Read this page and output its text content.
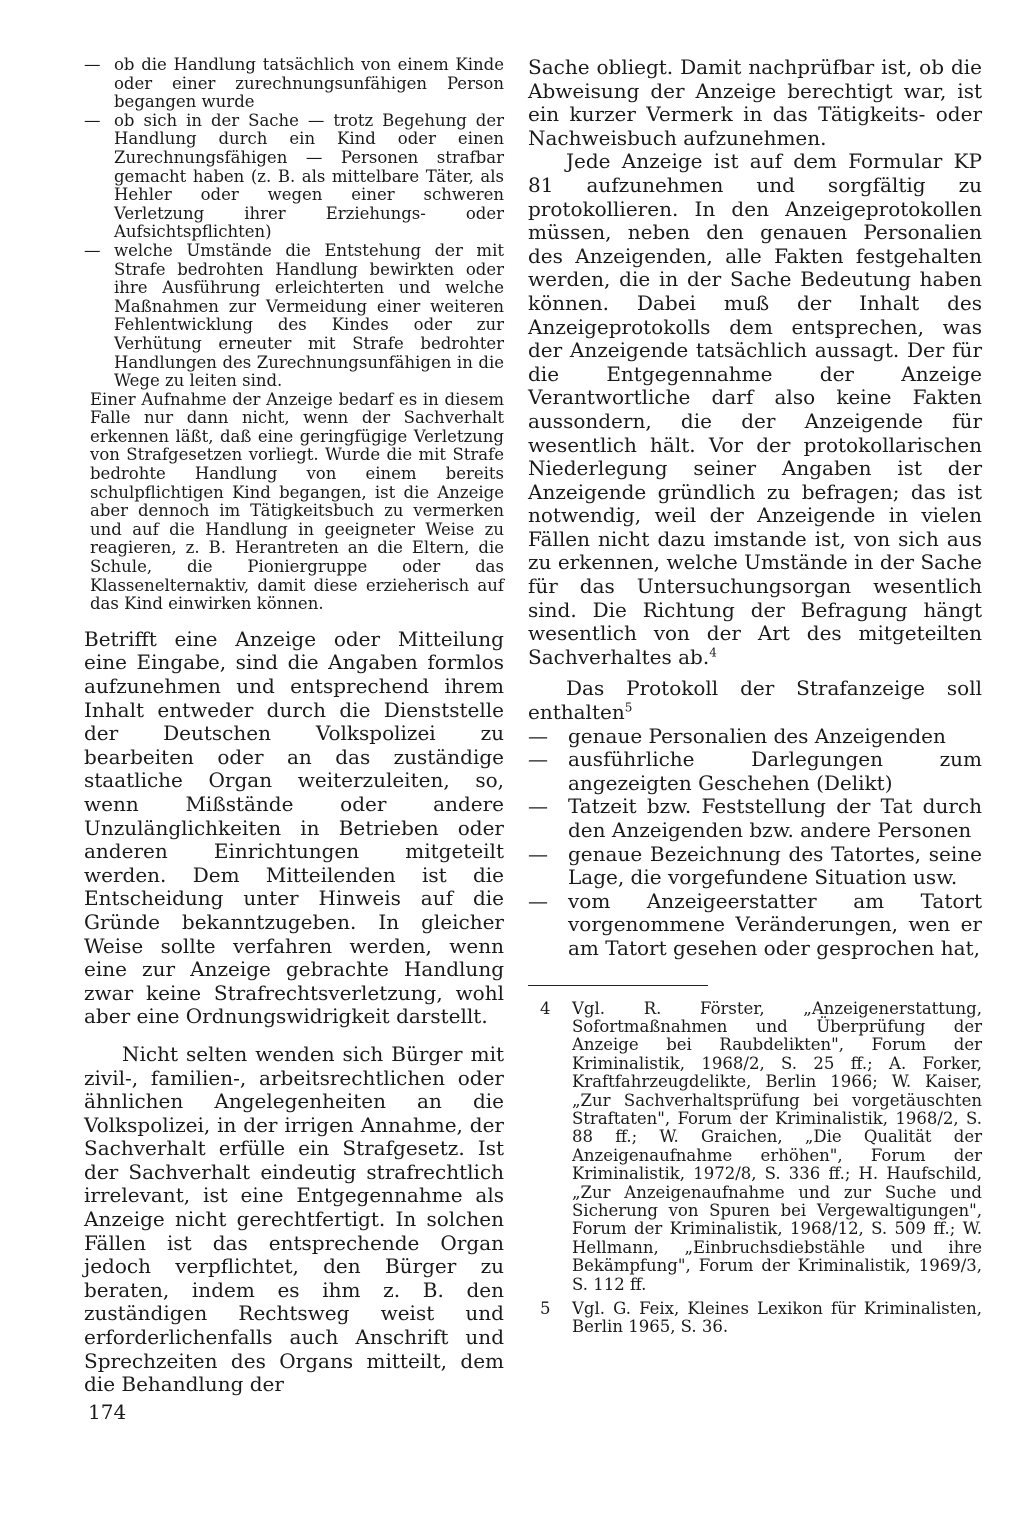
— ob die Handlung tatsächlich von einem Kinde oder einer zurechnungsunfähigen Person begangen wurde
— ob sich in der Sache — trotz Begehung der Handlung durch ein Kind oder einen Zurechnungsfähigen — Personen strafbar gemacht haben (z. B. als mittelbare Täter, als Hehler oder wegen einer schweren Verletzung ihrer Erziehungs- oder Aufsichtspflichten)
— welche Umstände die Entstehung der mit Strafe bedrohten Handlung bewirkten oder ihre Ausführung erleichterten und welche Maßnahmen zur Vermeidung einer weiteren Fehlentwicklung des Kindes oder zur Verhütung erneuter mit Strafe bedrohter Handlungen des Zurechnungsunfähigen in die Wege zu leiten sind.

Einer Aufnahme der Anzeige bedarf es in diesem Falle nur dann nicht, wenn der Sachverhalt erkennen läßt, daß eine geringfügige Verletzung von Strafgesetzen vorliegt. Wurde die mit Strafe bedrohte Handlung von einem bereits schulpflichtigen Kind begangen, ist die Anzeige aber dennoch im Tätigkeitsbuch zu vermerken und auf die Handlung in geeigneter Weise zu reagieren, z. B. Herantreten an die Eltern, die Schule, die Pioniergruppe oder das Klassenelternaktiv, damit diese erzieherisch auf das Kind einwirken können.

Betrifft eine Anzeige oder Mitteilung eine Eingabe, sind die Angaben formlos aufzunehmen und entsprechend ihrem Inhalt entweder durch die Dienststelle der Deutschen Volkspolizei zu bearbeiten oder an das zuständige staatliche Organ weiterzuleiten, so, wenn Mißstände oder andere Unzulänglichkeiten in Betrieben oder anderen Einrichtungen mitgeteilt werden. Dem Mitteilenden ist die Entscheidung unter Hinweis auf die Gründe bekanntzugeben. In gleicher Weise sollte verfahren werden, wenn eine zur Anzeige gebrachte Handlung zwar keine Strafrechtsverletzung, wohl aber eine Ordnungswidrigkeit darstellt.

Nicht selten wenden sich Bürger mit zivil-, familien-, arbeitsrechtlichen oder ähnlichen Angelegenheiten an die Volkspolizei, in der irrigen Annahme, der Sachverhalt erfülle ein Strafgesetz. Ist der Sachverhalt eindeutig strafrechtlich irrelevant, ist eine Entgegennahme als Anzeige nicht gerechtfertigt. In solchen Fällen ist das entsprechende Organ jedoch verpflichtet, den Bürger zu beraten, indem es ihm z. B. den zuständigen Rechtsweg weist und erforderlichenfalls auch Anschrift und Sprechzeiten des Organs mitteilt, dem die Behandlung der

Sache obliegt. Damit nachprüfbar ist, ob die Abweisung der Anzeige berechtigt war, ist ein kurzer Vermerk in das Tätigkeits- oder Nachweisbuch aufzunehmen.

Jede Anzeige ist auf dem Formular KP 81 aufzunehmen und sorgfältig zu protokollieren. In den Anzeigeprotokollen müssen, neben den genauen Personalien des Anzeigenden, alle Fakten festgehalten werden, die in der Sache Bedeutung haben können. Dabei muß der Inhalt des Anzeigeprotokolls dem entsprechen, was der Anzeigende tatsächlich aussagt. Der für die Entgegennahme der Anzeige Verantwortliche darf also keine Fakten aussondern, die der Anzeigende für wesentlich hält. Vor der protokollarischen Niederlegung seiner Angaben ist der Anzeigende gründlich zu befragen; das ist notwendig, weil der Anzeigende in vielen Fällen nicht dazu imstande ist, von sich aus zu erkennen, welche Umstände in der Sache für das Untersuchungsorgan wesentlich sind. Die Richtung der Befragung hängt wesentlich von der Art des mitgeteilten Sachverhaltes ab.$^4$

Das Protokoll der Strafanzeige soll enthalten$^5$

— genaue Personalien des Anzeigenden
— ausführliche Darlegungen zum angezeigten Geschehen (Delikt)
— Tatzeit bzw. Feststellung der Tat durch den Anzeigenden bzw. andere Personen
— genaue Bezeichnung des Tatortes, seine Lage, die vorgefundene Situation usw.
— vom Anzeigeerstatter am Tatort vorgenommene Veränderungen, wen er am Tatort gesehen oder gesprochen hat,
4 Vgl. R. Förster, „Anzeigenerstattung, Sofortmaßnahmen und Überprüfung der Anzeige bei Raubdelikten", Forum der Kriminalistik, 1968/2, S. 25 ff.; A. Forker, Kraftfahrzeugdelikte, Berlin 1966; W. Kaiser, „Zur Sachverhaltsprüfung bei vorgetäuschten Straftaten", Forum der Kriminalistik, 1968/2, S. 88 ff.; W. Graichen, „Die Qualität der Anzeigenaufnahme erhöhen", Forum der Kriminalistik, 1972/8, S. 336 ff.; H. Haufschild, „Zur Anzeigenaufnahme und zur Suche und Sicherung von Spuren bei Vergewaltigungen", Forum der Kriminalistik, 1968/12, S. 509 ff.; W. Hellmann, „Einbruchsdiebstähle und ihre Bekämpfung", Forum der Kriminalistik, 1969/3, S. 112 ff.
5 Vgl. G. Feix, Kleines Lexikon für Kriminalisten, Berlin 1965, S. 36.
174
